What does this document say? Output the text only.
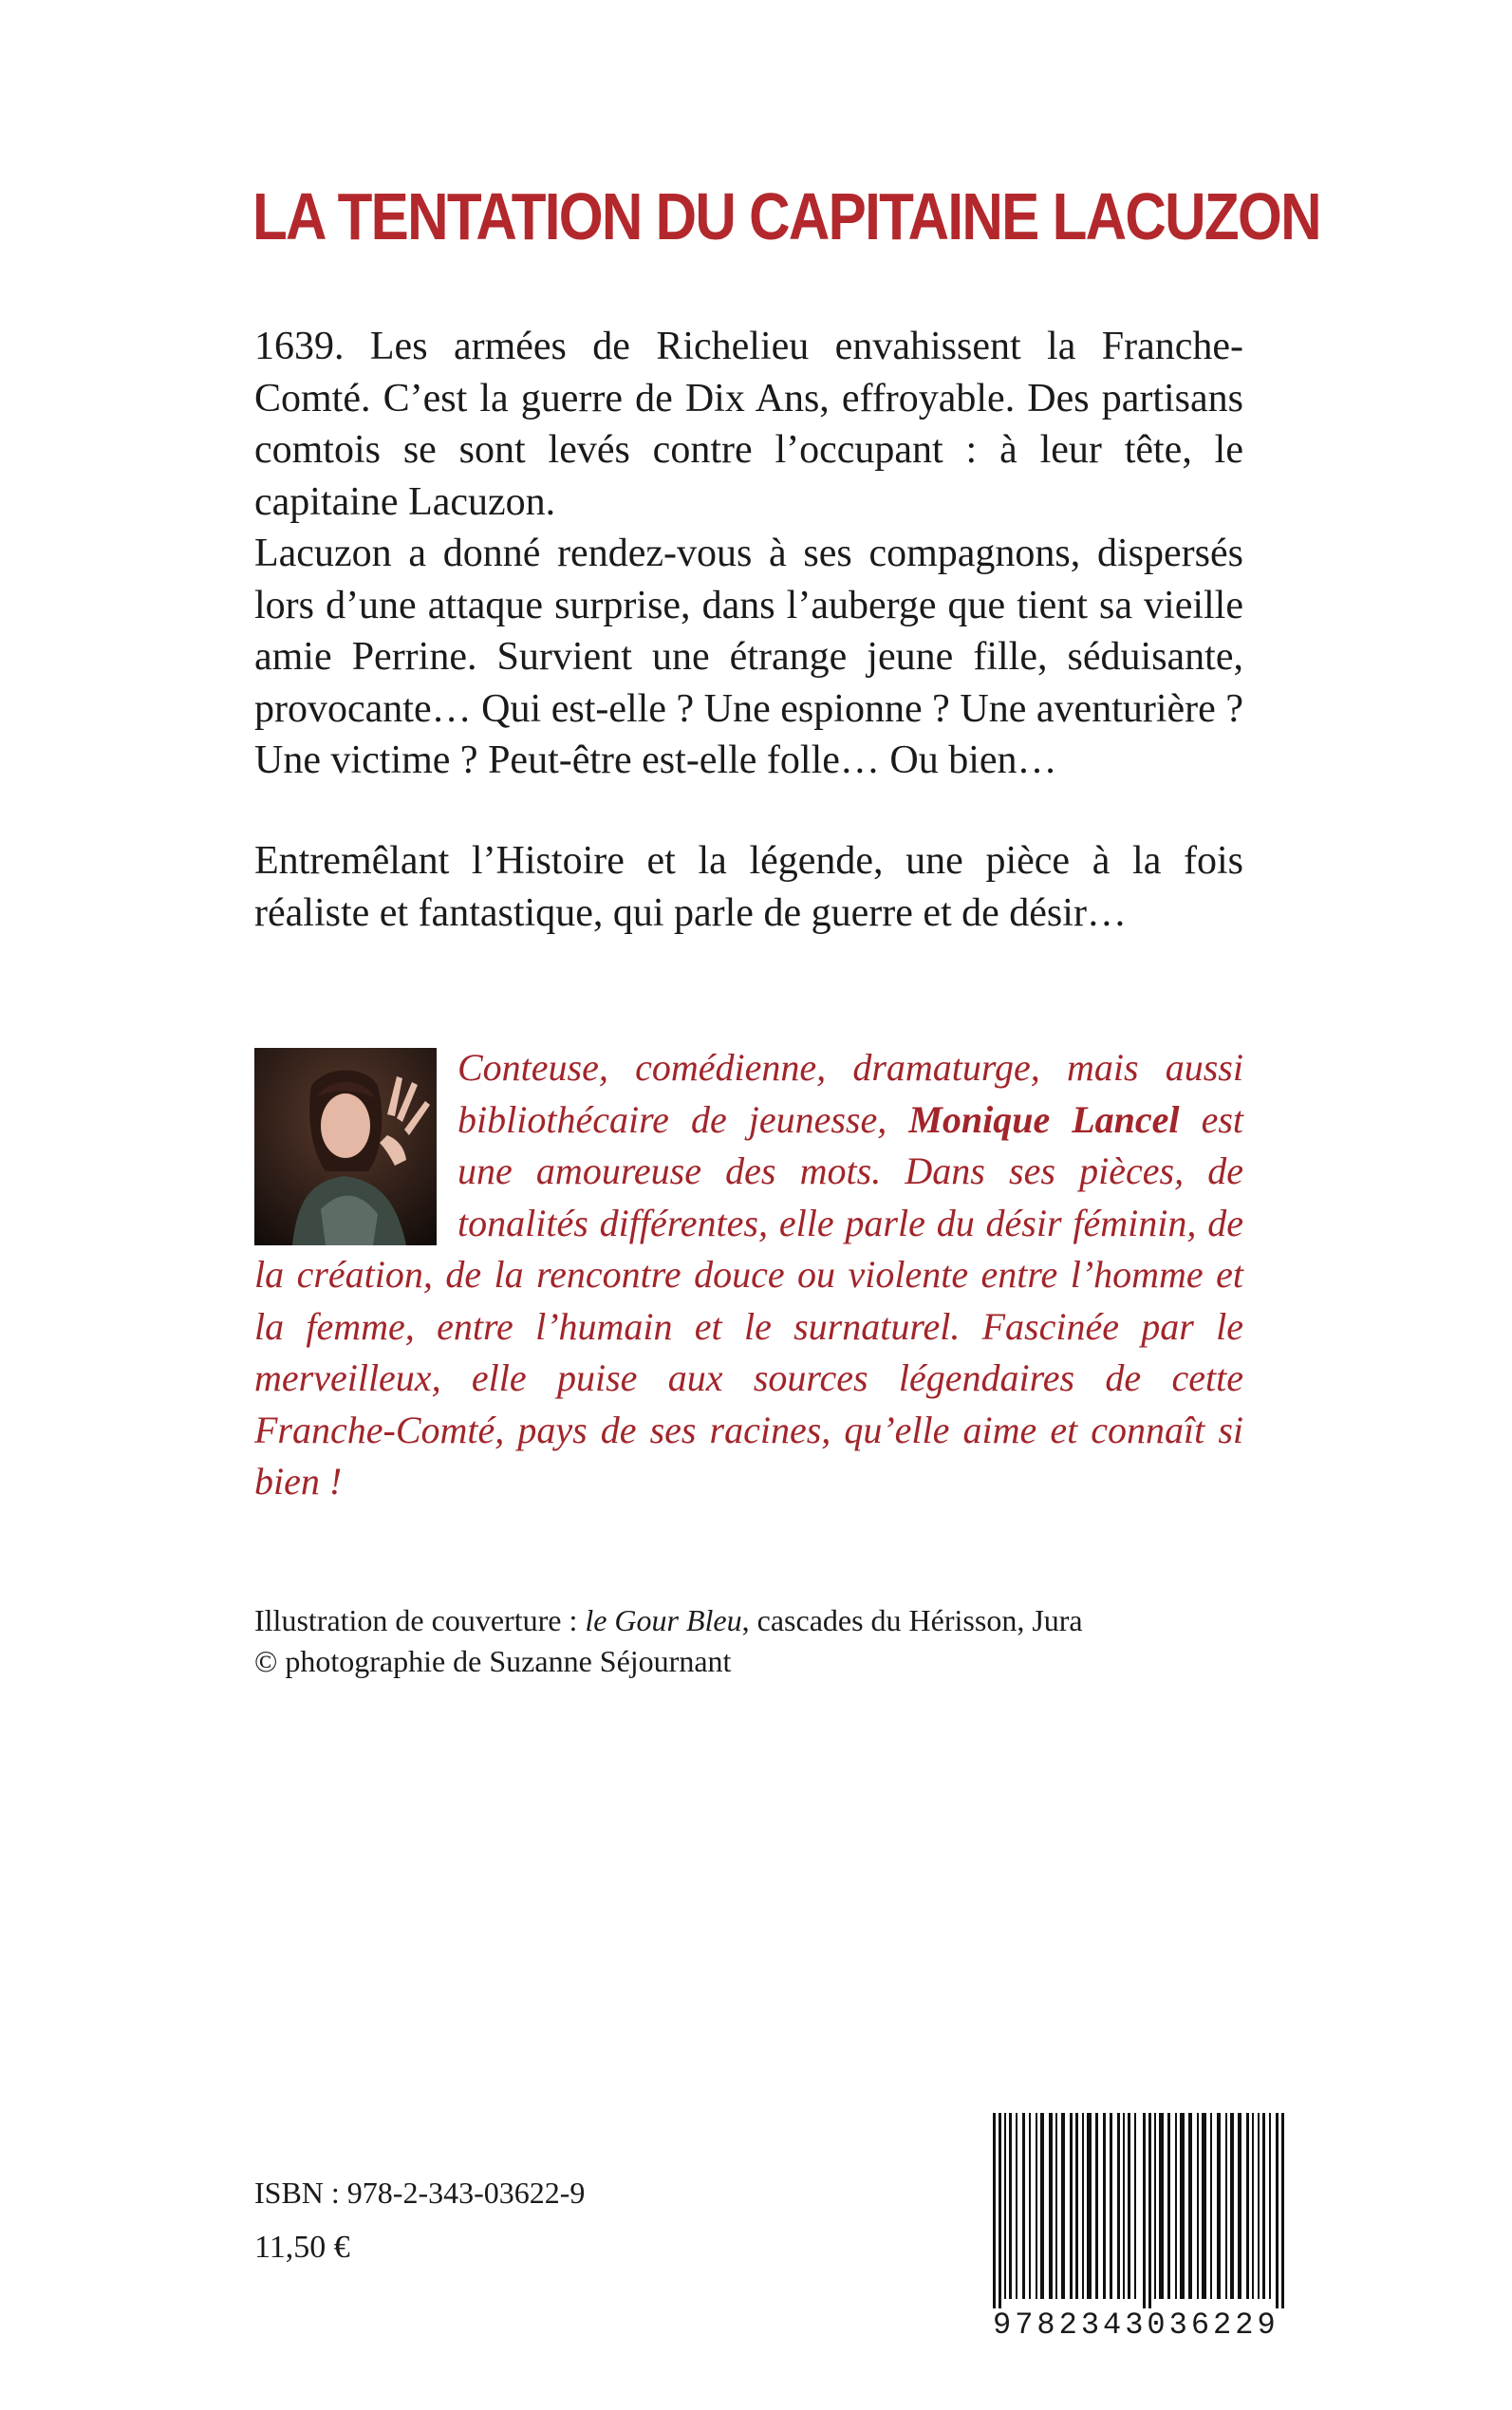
LA TENTATION DU CAPITAINE LACUZON

1639. Les armées de Richelieu envahissent la Franche-Comté. C’est la guerre de Dix Ans, effroyable. Des partisans comtois se sont levés contre l’occupant : à leur tête, le capitaine Lacuzon.

Lacuzon a donné rendez-vous à ses compagnons, dispersés lors d’une attaque surprise, dans l’auberge que tient sa vieille amie Perrine. Survient une étrange jeune fille, séduisante, provocante… Qui est-elle ? Une espionne ? Une aventurière ? Une victime ? Peut-être est-elle folle… Ou bien…

Entremêlant l’Histoire et la légende, une pièce à la fois réaliste et fantastique, qui parle de guerre et de désir…

Conteuse, comédienne, dramaturge, mais aussi bibliothécaire de jeunesse, Monique Lancel est une amoureuse des mots. Dans ses pièces, de tonalités différentes, elle parle du désir féminin, de la création, de la rencontre douce ou violente entre l’homme et la femme, entre l’humain et le surnaturel. Fascinée par le merveilleux, elle puise aux sources légendaires de cette Franche-Comté, pays de ses racines, qu’elle aime et connaît si bien !
Illustration de couverture : le Gour Bleu, cascades du Hérisson, Jura
© photographie de Suzanne Séjournant
ISBN : 978-2-343-03622-9
11,50 €
9782343036229
